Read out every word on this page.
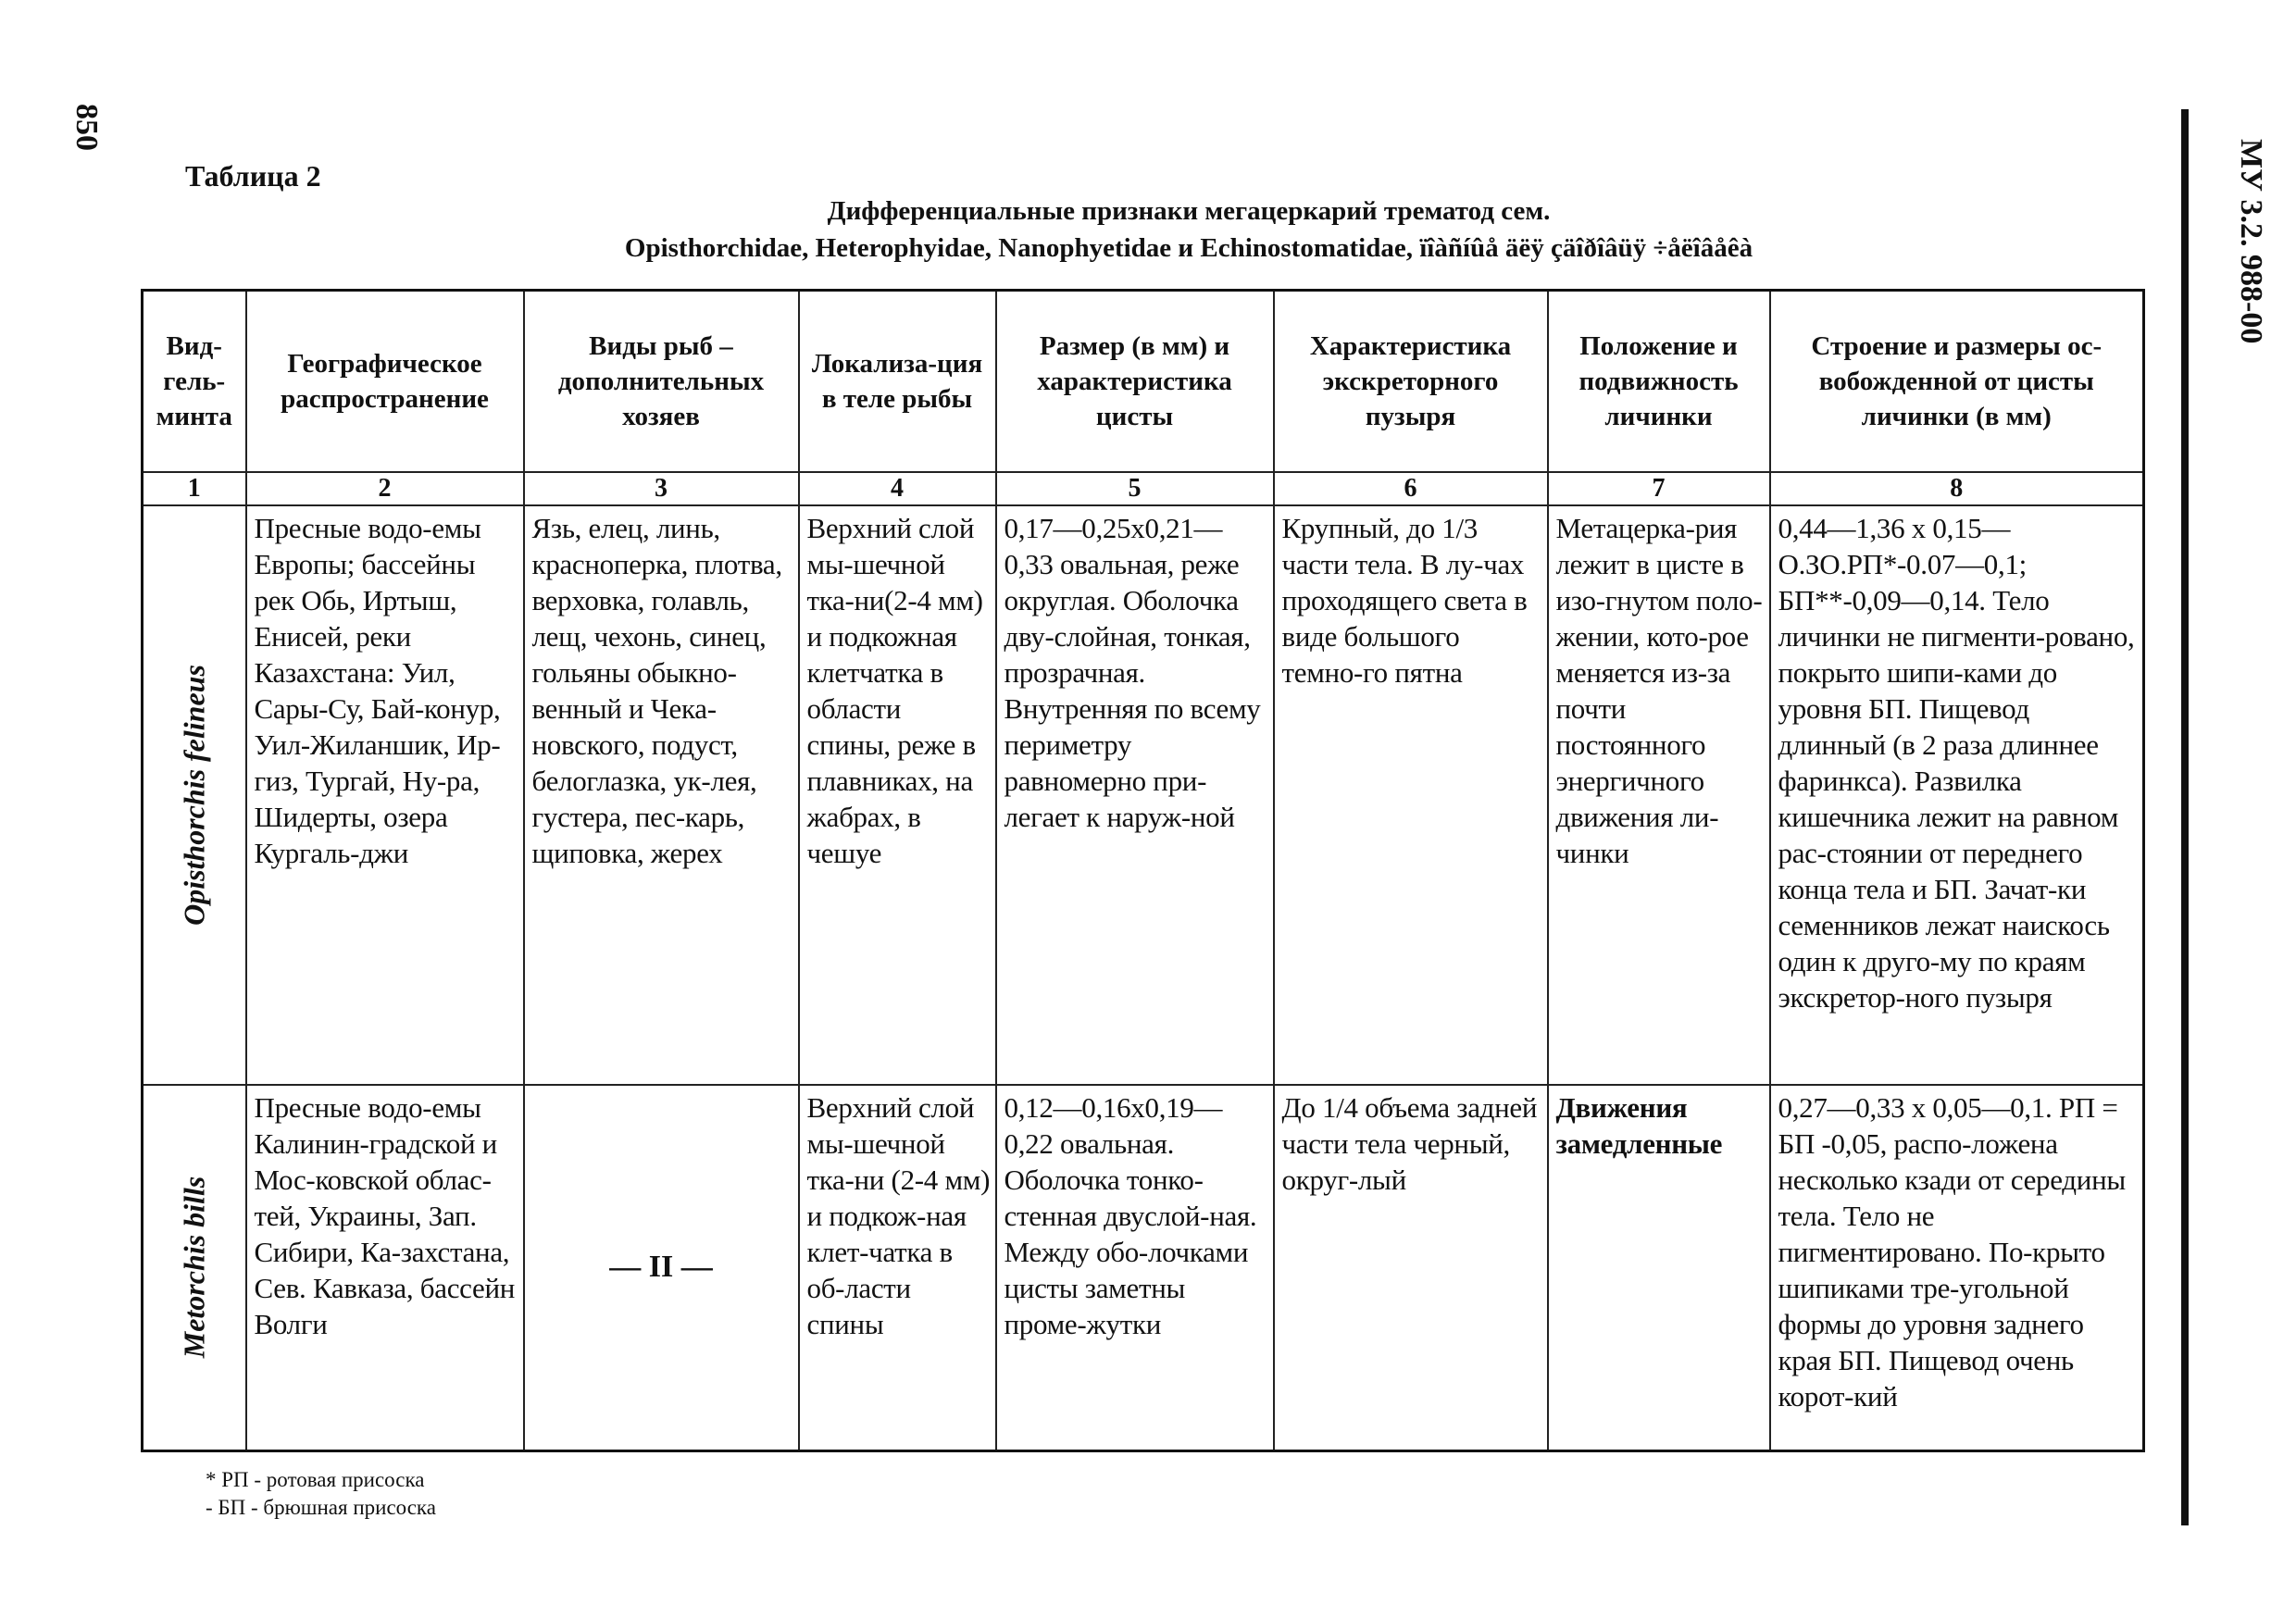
850
МУ 3.2. 988-00
Таблица 2
Дифференциальные признаки мегацеркарий трематод сем.
Opisthorchidae, Heterophyidae, Nanophyetidae и Echinostomatidae, ïîàñíûå äëÿ çäîðîâüÿ ÷åëîâåêà
Вид-гель-минта	Географическое распространение	Виды рыб – дополнительных хозяев	Локализа-ция в теле рыбы	Размер (в мм) и характеристика цисты	Характеристика экскреторного пузыря	Положение и подвижность личинки	Строение и размеры ос-вобожденной от цисты личинки (в мм)
1	2	3	4	5	6	7	8

Opisthorchis felineus	Пресные водо-емы Европы; бассейны рек Обь, Иртыш, Енисей, реки Казахстана: Уил, Сары-Су, Бай-конур, Уил-Жиланшик, Ир-гиз, Тургай, Ну-ра, Шидерты, озера Кургаль-джи	Язь, елец, линь, красноперка, плотва, верховка, голавль, лещ, чехонь, синец, гольяны обыкно-венный и Чека-новского, подуст, белоглазка, ук-лея, густера, пес-карь, щиповка, жерех	Верхний слой мы-шечной тка-ни(2-4 мм) и подкожная клетчатка в области спины, реже в плавниках, на жабрах, в чешуе	0,17—0,25x0,21—0,33 овальная, реже округлая. Оболочка дву-слойная, тонкая, прозрачная. Внутренняя по всему периметру равномерно при-легает к наруж-ной	Крупный, до 1/3 части тела. В лу-чах проходящего света в виде большого темно-го пятна	Метацерка-рия лежит в цисте в изо-гнутом поло-жении, кото-рое меняется из-за почти постоянного энергичного движения ли-чинки	0,44—1,36 x 0,15—О.ЗО.РП*-0.07—0,1; БП**-0,09—0,14. Тело личинки не пигменти-ровано, покрыто шипи-ками до уровня БП. Пищевод длинный (в 2 раза длиннее фаринкса). Развилка кишечника лежит на равном рас-стоянии от переднего конца тела и БП. Зачат-ки семенников лежат наискось один к друго-му по краям экскретор-ного пузыря

Metorchis bills	Пресные водо-емы Калинин-градской и Мос-ковской облас-тей, Украины, Зап. Сибири, Ка-захстана, Сев. Кавказа, бассейн Волги	— II —	Верхний слой мы-шечной тка-ни (2-4 мм) и подкож-ная клет-чатка в об-ласти спины	0,12—0,16x0,19—0,22 овальная. Оболочка тонко-стенная двуслой-ная. Между обо-лочками цисты заметны проме-жутки	До 1/4 объема задней части тела черный, округ-лый	Движения замедленные	0,27—0,33 x 0,05—0,1. РП = БП -0,05, распо-ложена несколько кзади от середины тела. Тело не пигментировано. По-крыто шипиками тре-угольной формы до уровня заднего края БП. Пищевод очень корот-кий
* РП - ротовая присоска
- БП - брюшная присоска
